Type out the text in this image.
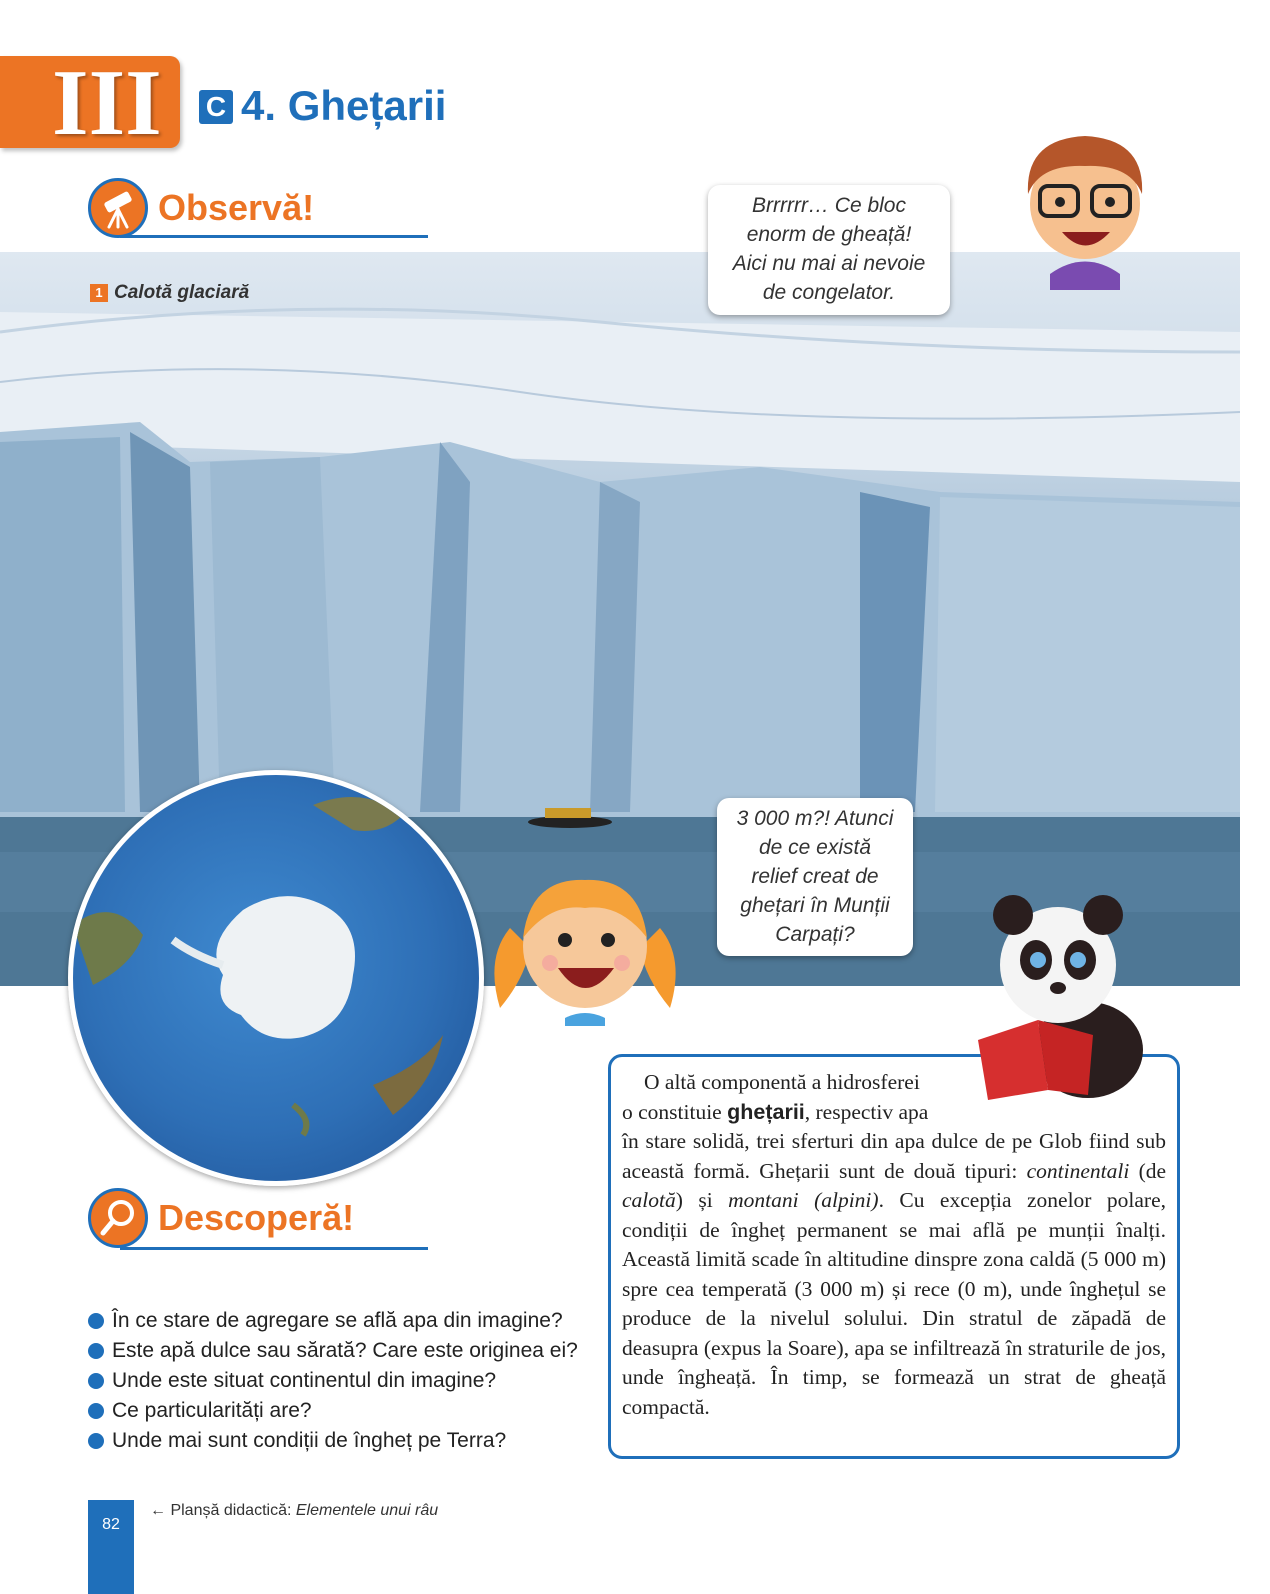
III	C 4. Ghețarii
Observă!
1 Calotă glaciară
Brrrrrr… Ce bloc
enorm de gheață!
Aici nu mai ai nevoie
de congelator.
3 000 m?! Atunci
de ce există
relief creat de
ghețari în Munții
Carpați?
Descoperă!
În ce stare de agregare se află apa din imagine?
Este apă dulce sau sărată? Care este originea ei?
Unde este situat continentul din imagine?
Ce particularități are?
Unde mai sunt condiții de îngheț pe Terra?
O altă componentă a hidrosferei
o constituie ghețarii, respectiv apa
în stare solidă, trei sferturi din apa dulce de pe Glob fiind sub această formă. Ghețarii sunt de două tipuri: continentali (de calotă) și montani (alpini). Cu excepția zonelor polare, condiții de îngheț permanent se mai află pe munții înalți. Această limită scade în altitudine dinspre zona caldă (5 000 m) spre cea temperată (3 000 m) și rece (0 m), unde înghețul se produce de la nivelul solului. Din stratul de zăpadă de deasupra (expus la Soare), apa se infiltrează în straturile de jos, unde îngheață. În timp, se formează un strat de gheață compactă.
82
← Planșă didactică: Elementele unui râu
